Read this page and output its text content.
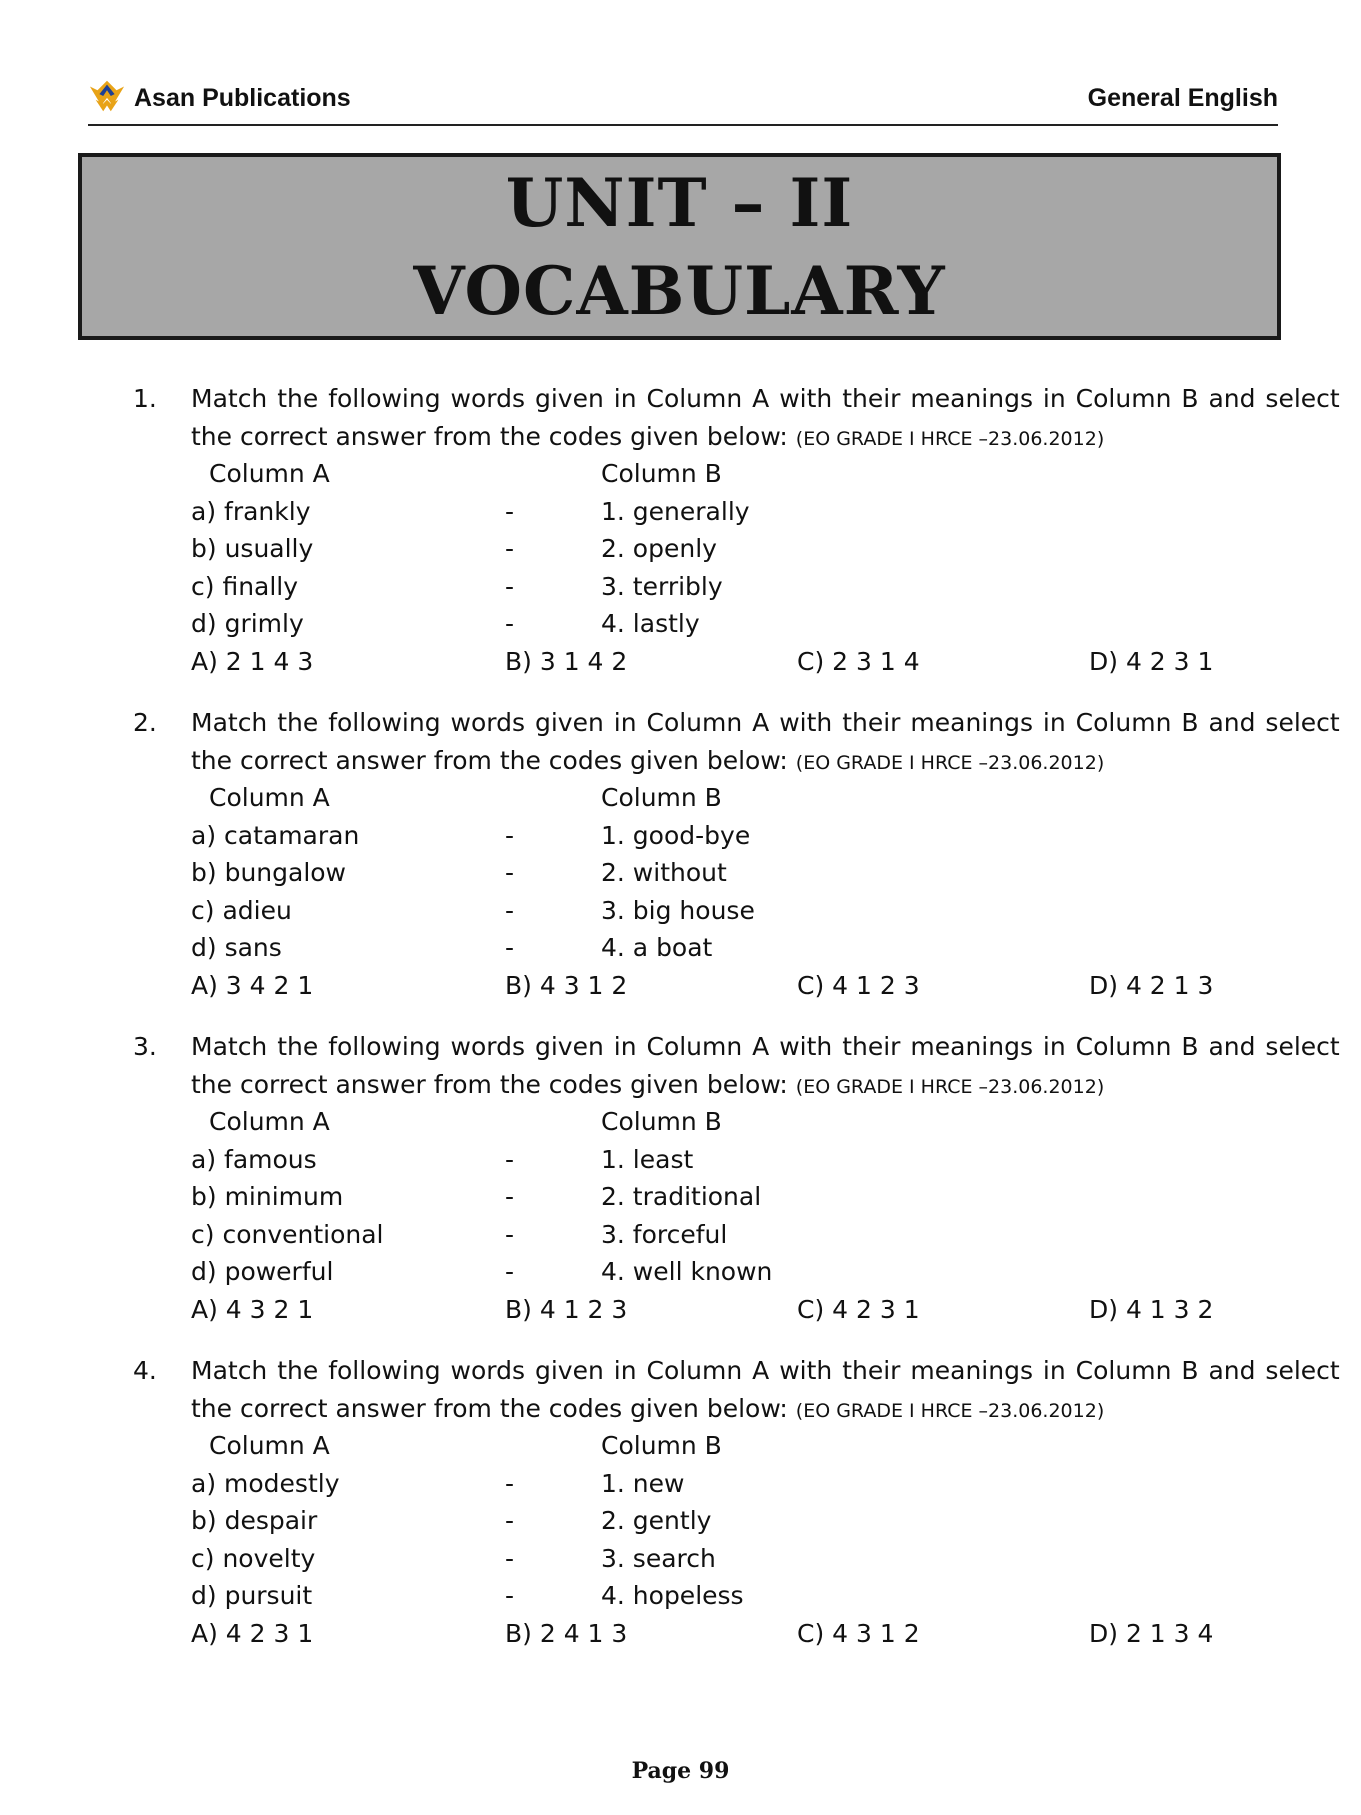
Asan Publications	General English
UNIT – II
VOCABULARY
1. Match the following words given in Column A with their meanings in Column B and select
the correct answer from the codes given below: (EO GRADE I HRCE –23.06.2012)
Column A	Column B
a) frankly	-	1. generally
b) usually	-	2. openly
c) finally	-	3. terribly
d) grimly	-	4. lastly
A) 2 1 4 3	B) 3 1 4 2	C) 2 3 1 4	D) 4 2 3 1
2. Match the following words given in Column A with their meanings in Column B and select
the correct answer from the codes given below: (EO GRADE I HRCE –23.06.2012)
Column A	Column B
a) catamaran	-	1. good-bye
b) bungalow	-	2. without
c) adieu	-	3. big house
d) sans	-	4. a boat
A) 3 4 2 1	B) 4 3 1 2	C) 4 1 2 3	D) 4 2 1 3
3. Match the following words given in Column A with their meanings in Column B and select
the correct answer from the codes given below: (EO GRADE I HRCE –23.06.2012)
Column A	Column B
a) famous	-	1. least
b) minimum	-	2. traditional
c) conventional	-	3. forceful
d) powerful	-	4. well known
A) 4 3 2 1	B) 4 1 2 3	C) 4 2 3 1	D) 4 1 3 2
4. Match the following words given in Column A with their meanings in Column B and select
the correct answer from the codes given below: (EO GRADE I HRCE –23.06.2012)
Column A	Column B
a) modestly	-	1. new
b) despair	-	2. gently
c) novelty	-	3. search
d) pursuit	-	4. hopeless
A) 4 2 3 1	B) 2 4 1 3	C) 4 3 1 2	D) 2 1 3 4
Page 99
